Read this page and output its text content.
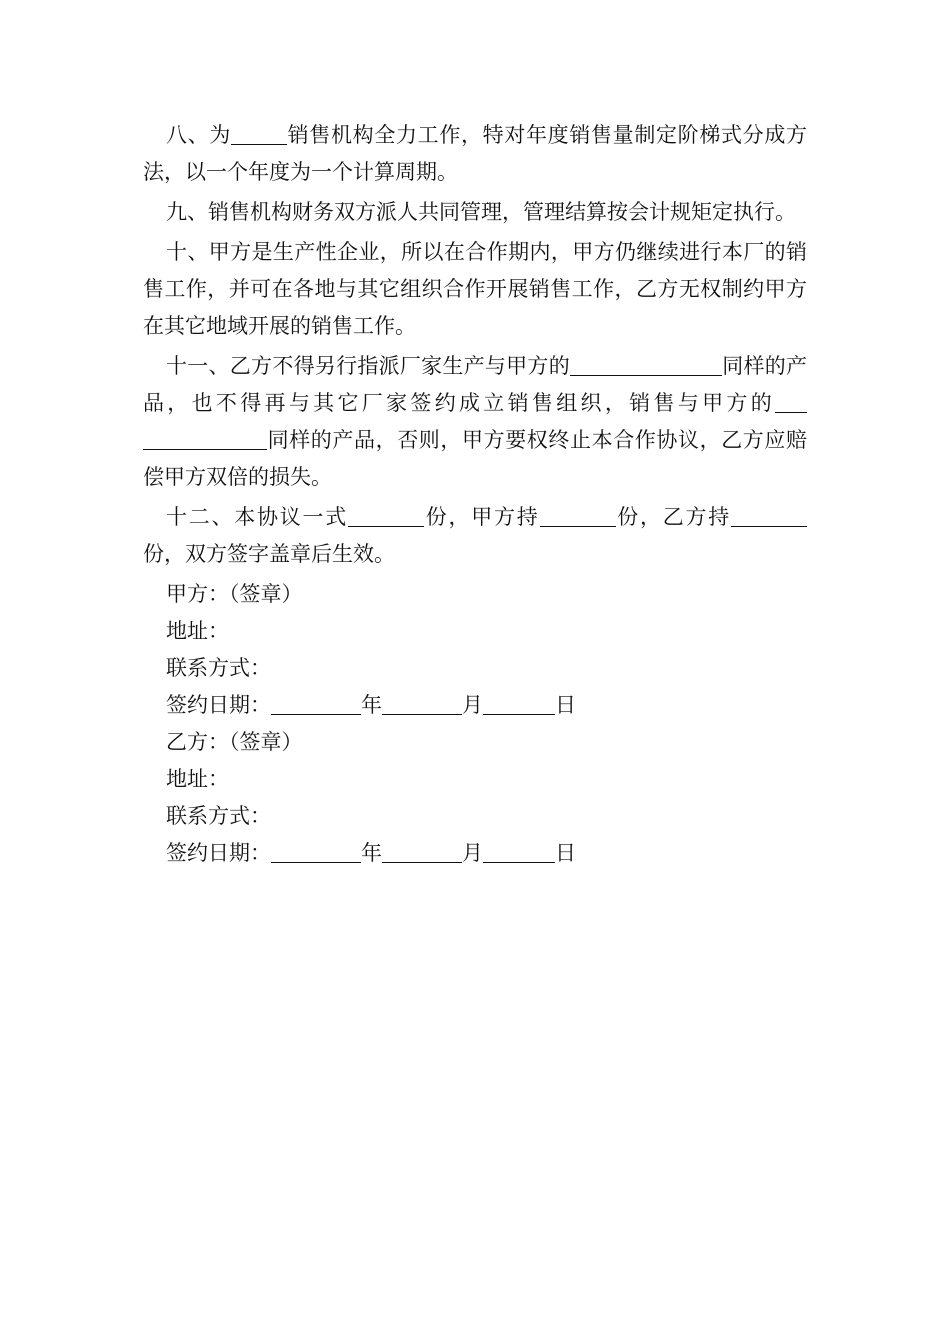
八、为	销售机构全力工作，特对年度销售量制定阶梯式分成方法，以一个年度为一个计算周期。

九、销售机构财务双方派人共同管理，管理结算按会计规矩定执行。

十、甲方是生产性企业，所以在合作期内，甲方仍继续进行本厂的销售工作，并可在各地与其它组织合作开展销售工作，乙方无权制约甲方在其它地域开展的销售工作。

十一、乙方不得另行指派厂家生产与甲方的	同样的产品，也不得再与其它厂家签约成立销售组织，销售与甲方的同样的产品，否则，甲方要权终止本合作协议，乙方应赔偿甲方双倍的损失。

十二、本协议一式	份，甲方持	份，乙方持份，双方签字盖章后生效。

甲方：（签章）

地址：

联系方式：

签约日期：	年	月	日

乙方：（签章）

地址：

联系方式：

签约日期：	年	月	日
